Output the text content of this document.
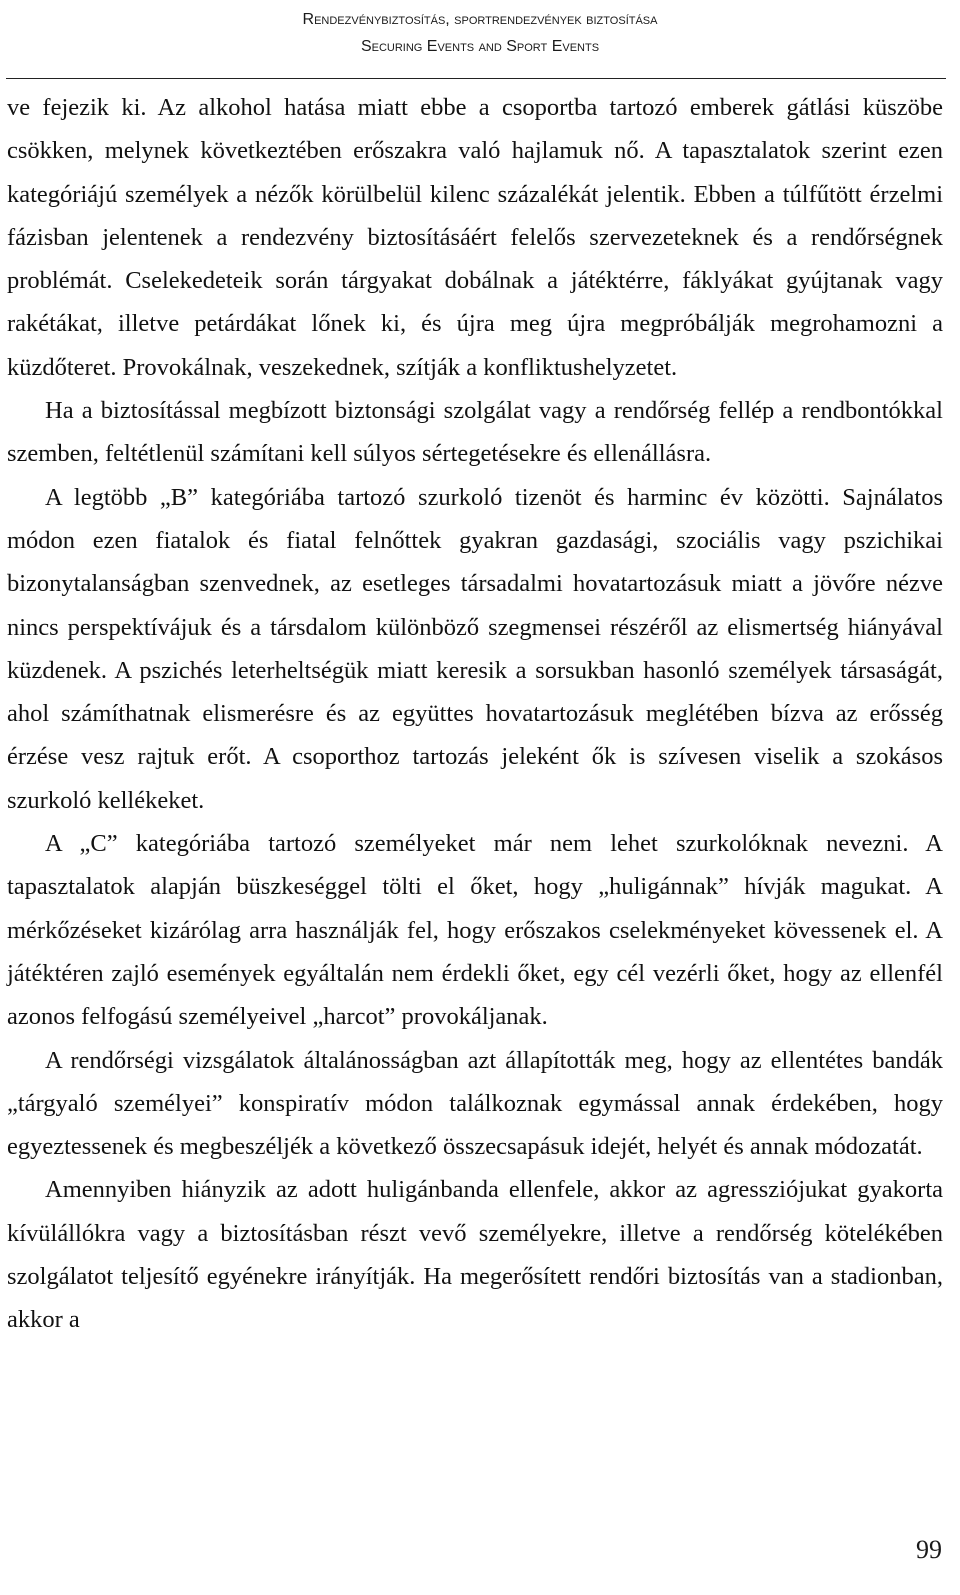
Rendezvénybiztosítás, sportrendezvények biztosítása
Securing Events and Sport Events

ve fejezik ki. Az alkohol hatása miatt ebbe a csoportba tartozó emberek gátlási küszöbe csökken, melynek következtében erőszakra való hajlamuk nő. A tapasztalatok szerint ezen kategóriájú személyek a nézők körülbelül kilenc százalékát jelentik. Ebben a túlfűtött érzelmi fázisban jelentenek a rendezvény biztosításáért felelős szervezeteknek és a rendőrségnek problémát. Cselekedeteik során tárgyakat dobálnak a játéktérre, fáklyákat gyújtanak vagy rakétákat, illetve petárdákat lőnek ki, és újra meg újra megpróbálják megrohamozni a küzdőteret. Provokálnak, veszekednek, szítják a konfliktushelyzetet.

Ha a biztosítással megbízott biztonsági szolgálat vagy a rendőrség fellép a rendbontókkal szemben, feltétlenül számítani kell súlyos sértegetésekre és ellenállásra.

A legtöbb „B” kategóriába tartozó szurkoló tizenöt és harminc év közötti. Sajnálatos módon ezen fiatalok és fiatal felnőttek gyakran gazdasági, szociális vagy pszichikai bizonytalanságban szenvednek, az esetleges társadalmi hovatartozásuk miatt a jövőre nézve nincs perspektívájuk és a társdalom különböző szegmensei részéről az elismertség hiányával küzdenek. A pszichés leterheltségük miatt keresik a sorsukban hasonló személyek társaságát, ahol számíthatnak elismerésre és az együttes hovatartozásuk meglétében bízva az erősség érzése vesz rajtuk erőt. A csoporthoz tartozás jeleként ők is szívesen viselik a szokásos szurkoló kellékeket.

A „C” kategóriába tartozó személyeket már nem lehet szurkolóknak nevezni. A tapasztalatok alapján büszkeséggel tölti el őket, hogy „huligánnak” hívják magukat. A mérkőzéseket kizárólag arra használják fel, hogy erőszakos cselekményeket kövessenek el. A játéktéren zajló események egyáltalán nem érdekli őket, egy cél vezérli őket, hogy az ellenfél azonos felfogású személyeivel „harcot” provokáljanak.

A rendőrségi vizsgálatok általánosságban azt állapították meg, hogy az ellentétes bandák „tárgyaló személyei” konspiratív módon találkoznak egymással annak érdekében, hogy egyeztessenek és megbeszéljék a következő összecsapásuk idejét, helyét és annak módozatát.

Amennyiben hiányzik az adott huligánbanda ellenfele, akkor az agressziójukat gyakorta kívülállókra vagy a biztosításban részt vevő személyekre, illetve a rendőrség kötelékében szolgálatot teljesítő egyénekre irányítják. Ha megerősített rendőri biztosítás van a stadionban, akkor a

99
